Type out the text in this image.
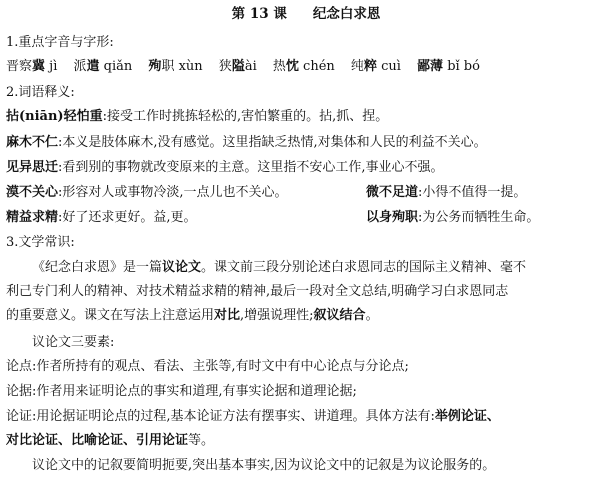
第 13 课 纪念白求恩
1.重点字音与字形:
晋察冀 jì 派遣 qiǎn 殉职 xùn 狭隘ài 热忱 chén 纯粹 cuì 鄙薄 bǐ bó
2.词语释义:
拈(niān)轻怕重:接受工作时挑拣轻松的,害怕繁重的。拈,抓、捏。
麻木不仁:本义是肢体麻木,没有感觉。这里指缺乏热情,对集体和人民的利益不关心。
见异思迁:看到别的事物就改变原来的主意。这里指不安心工作,事业心不强。
漠不关心:形容对人或事物冷淡,一点儿也不关心。	微不足道:小得不值得一提。
精益求精:好了还求更好。益,更。	以身殉职:为公务而牺牲生命。
3.文学常识:
《纪念白求恩》是一篇议论文。课文前三段分别论述白求恩同志的国际主义精神、毫不
利己专门利人的精神、对技术精益求精的精神,最后一段对全文总结,明确学习白求恩同志
的重要意义。课文在写法上注意运用对比,增强说理性;叙议结合。
议论文三要素:
论点:作者所持有的观点、看法、主张等,有时文中有中心论点与分论点;
论据:作者用来证明论点的事实和道理,有事实论据和道理论据;
论证:用论据证明论点的过程,基本论证方法有摆事实、讲道理。具体方法有:举例论证、
对比论证、比喻论证、引用论证等。
议论文中的记叙要简明扼要,突出基本事实,因为议论文中的记叙是为议论服务的。
